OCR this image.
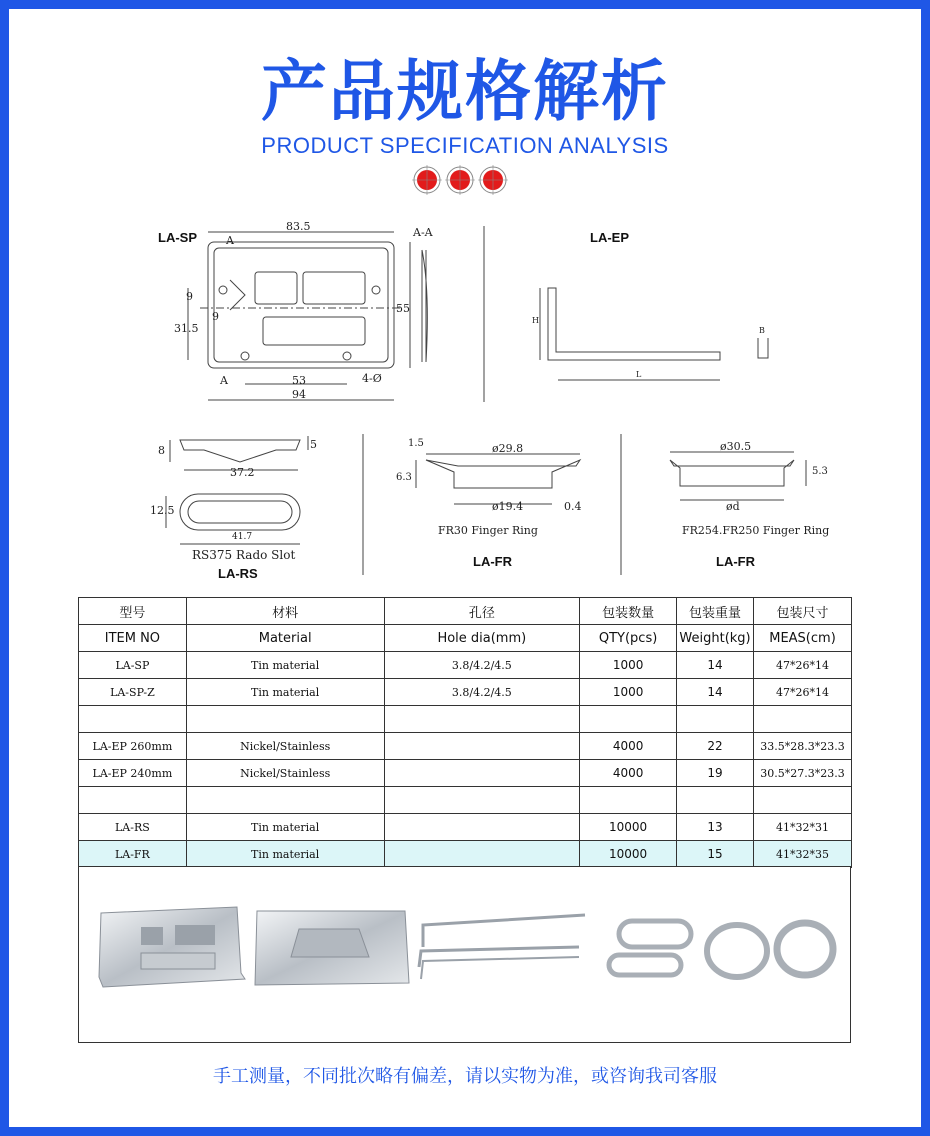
产品规格解析
PRODUCT SPECIFICATION ANALYSIS
LA-SP
83.5	A-A
A
A
9
9
31.5
55
53	4-Ø
94
LA-EP
H
L
B
8	5
37.2
12.5
41.7
RS375 Rado Slot
LA-RS
1.5	ø29.8
6.3
ø19.4	0.4
FR30 Finger Ring
LA-FR
ø30.5
5.3
ød
FR254.FR250 Finger Ring
LA-FR
型号	材料	孔径	包装数量	包装重量	包装尺寸
ITEM NO	Material	Hole dia(mm)	QTY(pcs)	Weight(kg)	MEAS(cm)
LA-SP	Tin material	3.8/4.2/4.5	1000	14	47*26*14
LA-SP-Z	Tin material	3.8/4.2/4.5	1000	14	47*26*14

LA-EP 260mm	Nickel/Stainless		4000	22	33.5*28.3*23.3
LA-EP 240mm	Nickel/Stainless		4000	19	30.5*27.3*23.3

LA-RS	Tin material		10000	13	41*32*31
LA-FR	Tin material		10000	15	41*32*35
手工测量，不同批次略有偏差，请以实物为准，或咨询我司客服
